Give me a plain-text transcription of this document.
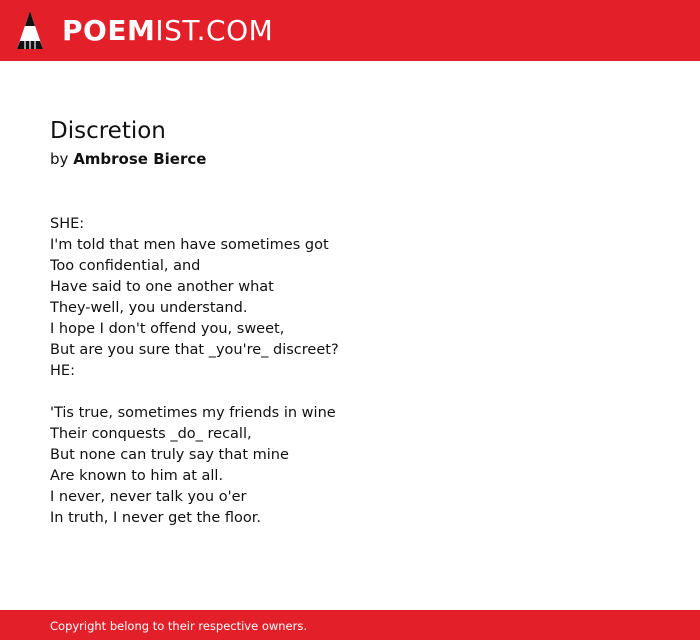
POEMIST.COM
Discretion
by Ambrose Bierce
SHE:
I'm told that men have sometimes got
Too confidential, and
Have said to one another what
They-well, you understand.
I hope I don't offend you, sweet,
But are you sure that _you're_ discreet?
HE:
'Tis true, sometimes my friends in wine
Their conquests _do_ recall,
But none can truly say that mine
Are known to him at all.
I never, never talk you o'er
In truth, I never get the floor.
Copyright belong to their respective owners.
